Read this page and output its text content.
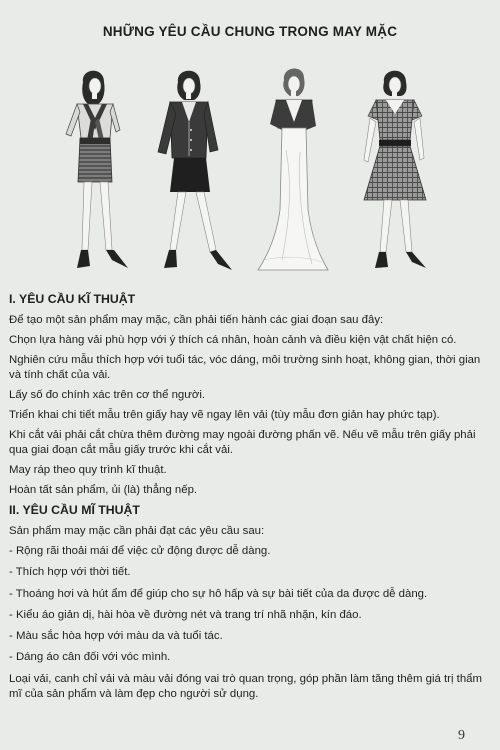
NHỮNG YÊU CẦU CHUNG TRONG MAY MẶC
I. YÊU CẦU KĨ THUẬT
Để tạo một sản phẩm may mặc, cần phải tiến hành các giai đoạn sau đây:
Chọn lựa hàng vải phù hợp với ý thích cá nhân, hoàn cảnh và điều kiện vật chất hiện có.
Nghiên cứu mẫu thích hợp với tuổi tác, vóc dáng, môi trường sinh hoạt, không gian, thời gian và tính chất của vải.
Lấy số đo chính xác trên cơ thể người.
Triển khai chi tiết mẫu trên giấy hay vẽ ngay lên vải (tùy mẫu đơn giản hay phức tạp).
Khi cắt vải phải cắt chừa thêm đường may ngoài đường phấn vẽ. Nếu vẽ mẫu trên giấy phải qua giai đoạn cắt mẫu giấy trước khi cắt vải.
May ráp theo quy trình kĩ thuật.
Hoàn tất sản phẩm, ủi (là) thẳng nếp.
II. YÊU CẦU MĨ THUẬT
Sản phẩm may mặc cần phải đạt các yêu cầu sau:
- Rộng rãi thoải mái để việc cử động được dễ dàng.
- Thích hợp với thời tiết.
- Thoáng hơi và hút ẩm để giúp cho sự hô hấp và sự bài tiết của da được dễ dàng.
- Kiểu áo giản dị, hài hòa về đường nét và trang trí nhã nhặn, kín đáo.
- Màu sắc hòa hợp với màu da và tuổi tác.
- Dáng áo cân đối với vóc mình.
Loại vải, canh chỉ vải và màu vải đóng vai trò quan trọng, góp phần làm tăng thêm giá trị thẩm mĩ của sản phẩm và làm đẹp cho người sử dụng.
9
